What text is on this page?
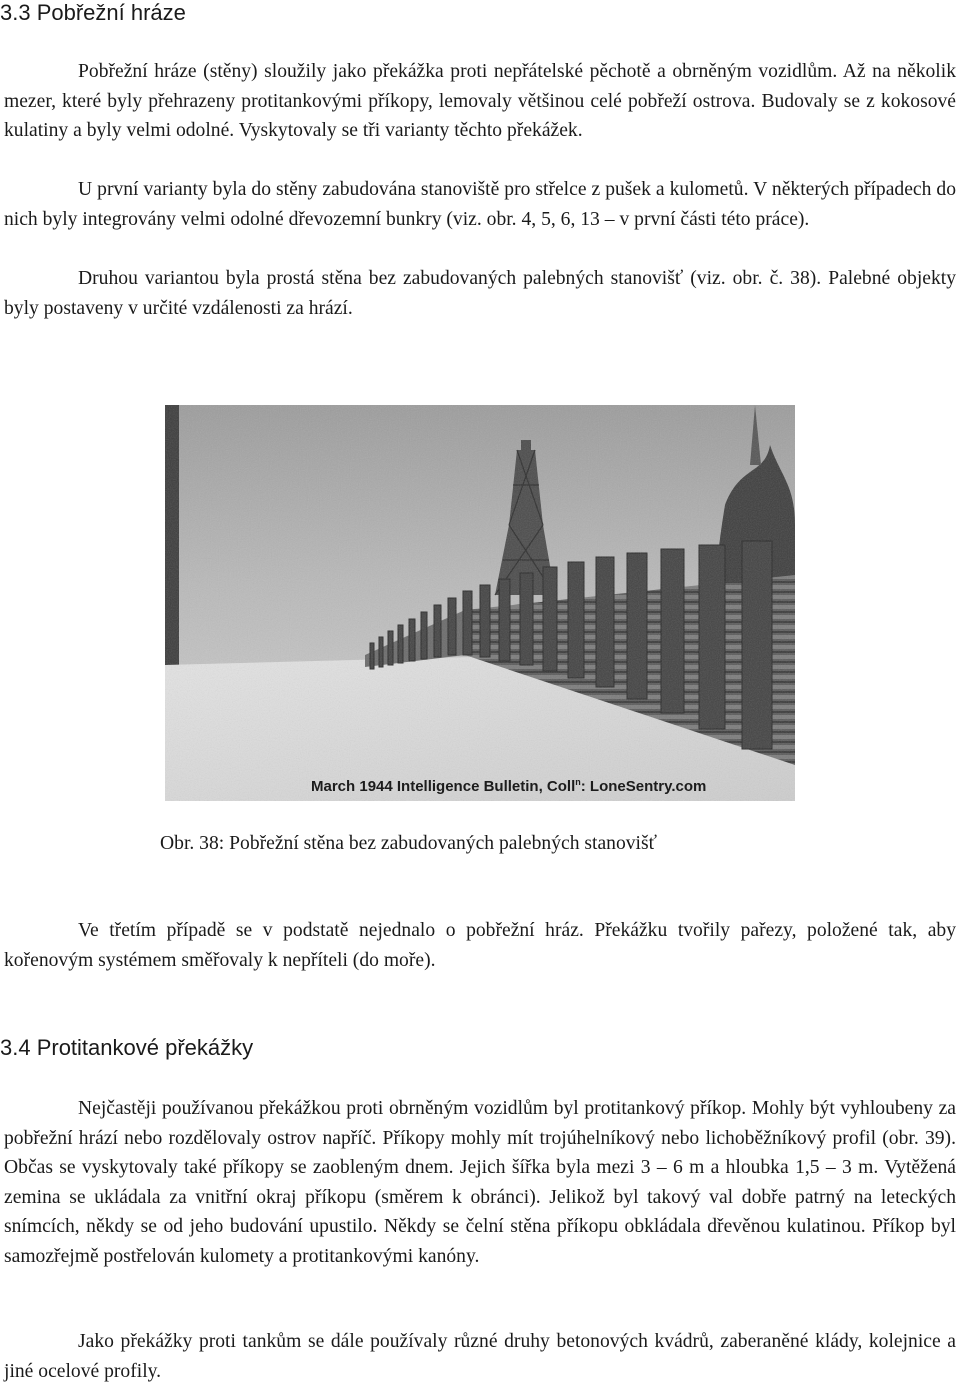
3.3 Pobřežní hráze

Pobřežní hráze (stěny) sloužily jako překážka proti nepřátelské pěchotě a obrněným vozidlům. Až na několik mezer, které byly přehrazeny protitankovými příkopy, lemovaly většinou celé pobřeží ostrova. Budovaly se z kokosové kulatiny a byly velmi odolné. Vyskytovaly se tři varianty těchto překážek.

U první varianty byla do stěny zabudována stanoviště pro střelce z pušek a kulometů. V některých případech do nich byly integrovány velmi odolné dřevozemní bunkry (viz. obr. 4, 5, 6, 13 – v první části této práce).

Druhou variantou byla prostá stěna bez zabudovaných palebných stanovišť (viz. obr. č. 38). Palebné objekty byly postaveny v určité vzdálenosti za hrází.

March 1944 Intelligence Bulletin, Coll$^n$: LoneSentry.com

Obr. 38: Pobřežní stěna bez zabudovaných palebných stanovišť

Ve třetím případě se v podstatě nejednalo o pobřežní hráz. Překážku tvořily pařezy, položené tak, aby kořenovým systémem směřovaly k nepříteli (do moře).

3.4 Protitankové překážky

Nejčastěji používanou překážkou proti obrněným vozidlům byl protitankový příkop. Mohly být vyhloubeny za pobřežní hrází nebo rozdělovaly ostrov napříč. Příkopy mohly mít trojúhelníkový nebo lichoběžníkový profil (obr. 39). Občas se vyskytovaly také příkopy se zaobleným dnem. Jejich šířka byla mezi 3 – 6 m a hloubka 1,5 – 3 m. Vytěžená zemina se ukládala za vnitřní okraj příkopu (směrem k obránci). Jelikož byl takový val dobře patrný na leteckých snímcích, někdy se od jeho budování upustilo. Někdy se čelní stěna příkopu obkládala dřevěnou kulatinou. Příkop byl samozřejmě postřelován kulomety a protitankovými kanóny.

Jako překážky proti tankům se dále používaly různé druhy betonových kvádrů, zaberaněné klády, kolejnice a jiné ocelové profily.
